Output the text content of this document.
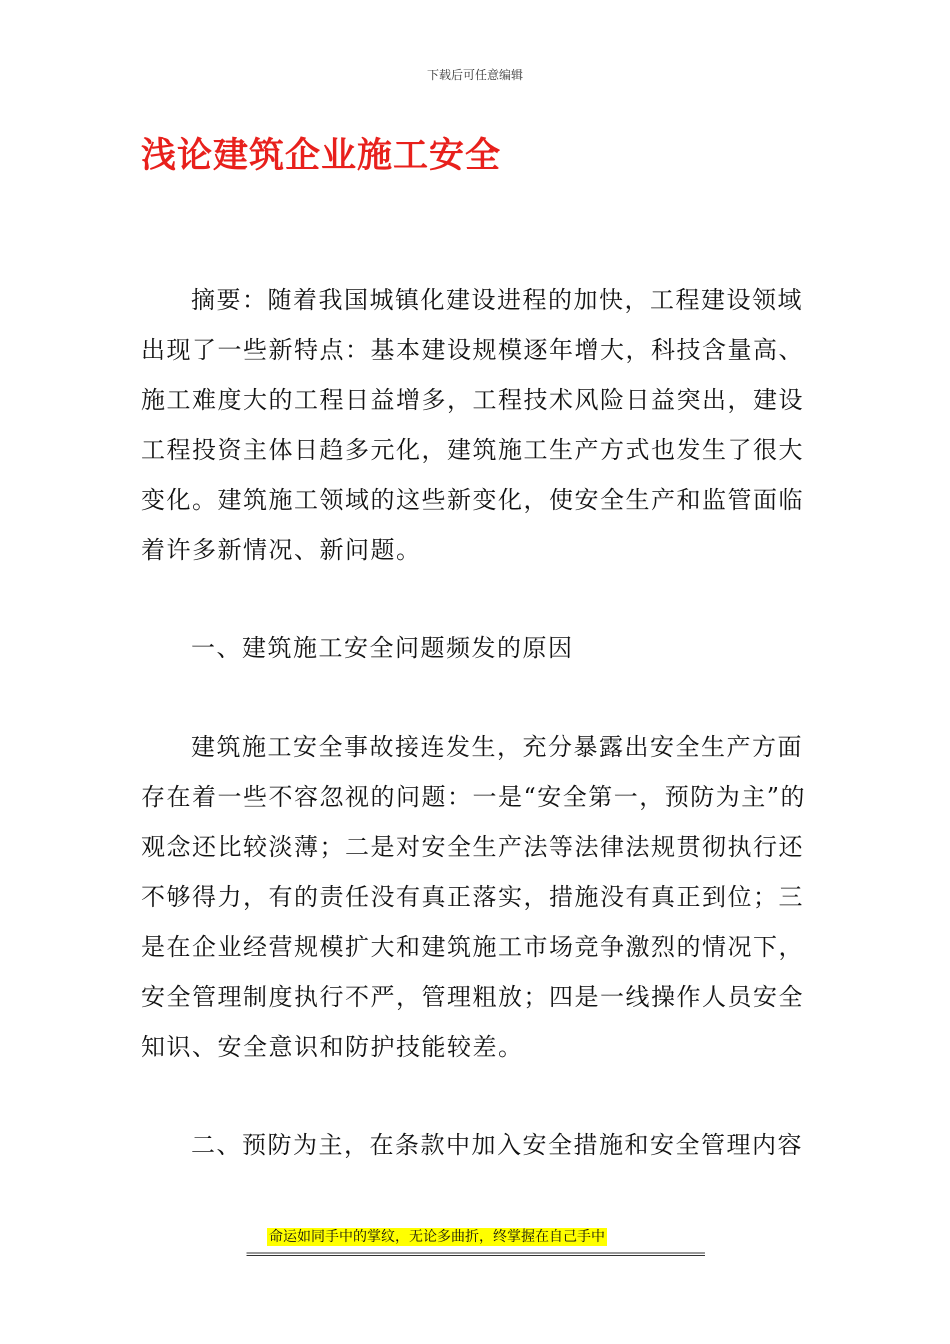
下载后可任意编辑
浅论建筑企业施工安全

摘要：随着我国城镇化建设进程的加快，工程建设领域出现了一些新特点：基本建设规模逐年增大，科技含量高、施工难度大的工程日益增多，工程技术风险日益突出，建设工程投资主体日趋多元化，建筑施工生产方式也发生了很大变化。建筑施工领域的这些新变化，使安全生产和监管面临着许多新情况、新问题。

一、建筑施工安全问题频发的原因

建筑施工安全事故接连发生，充分暴露出安全生产方面存在着一些不容忽视的问题：一是“安全第一，预防为主”的观念还比较淡薄；二是对安全生产法等法律法规贯彻执行还不够得力，有的责任没有真正落实，措施没有真正到位；三是在企业经营规模扩大和建筑施工市场竞争激烈的情况下，安全管理制度执行不严，管理粗放；四是一线操作人员安全知识、安全意识和防护技能较差。

二、预防为主，在条款中加入安全措施和安全管理内容

命运如同手中的掌纹，无论多曲折，终掌握在自己手中
================================================================================
